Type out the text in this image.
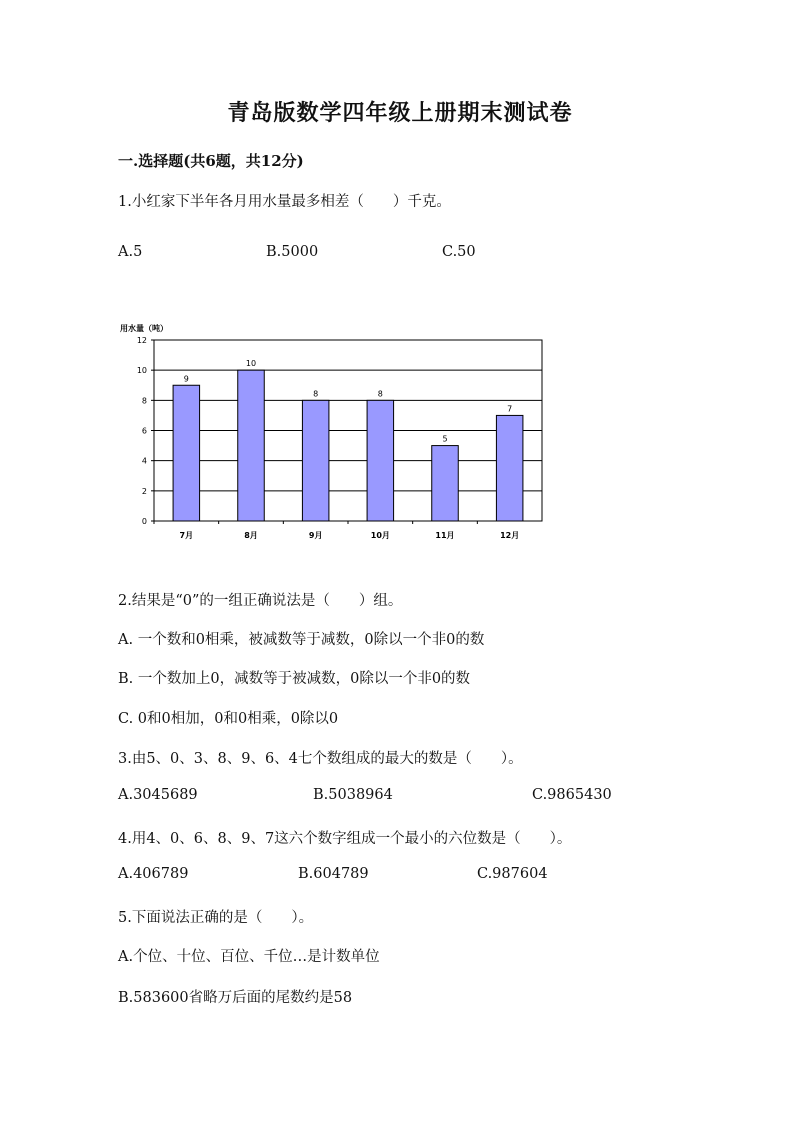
青岛版数学四年级上册期末测试卷
一.选择题(共6题，共12分)
1.小红家下半年各月用水量最多相差（　　）千克。
A.5	B.5000	C.50
用水量（吨）
0
2
4
6
8
10
12
9
7月
10
8月
8
9月
8
10月
5
11月
7
12月
2.结果是“0”的一组正确说法是（　　）组。
A. 一个数和0相乘，被减数等于减数，0除以一个非0的数
B. 一个数加上0，减数等于被减数，0除以一个非0的数
C. 0和0相加，0和0相乘，0除以0
3.由5、0、3、8、9、6、4七个数组成的最大的数是（　　）。
A.3045689	B.5038964	C.9865430
4.用4、0、6、8、9、7这六个数字组成一个最小的六位数是（　　）。
A.406789	B.604789	C.987604
5.下面说法正确的是（　　）。
A.个位、十位、百位、千位…是计数单位
B.583600省略万后面的尾数约是58
